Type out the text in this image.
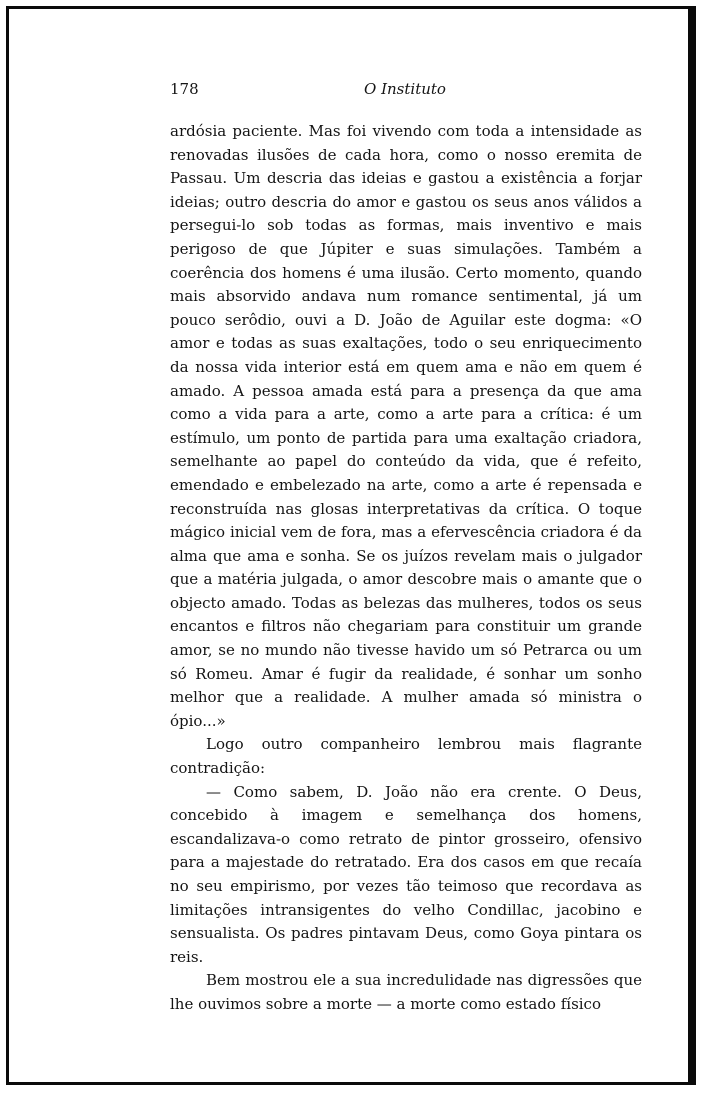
178	O Instituto

ardósia paciente. Mas foi vivendo com toda a intensidade as renovadas ilusões de cada hora, como o nosso eremita de Passau. Um descria das ideias e gastou a existência a forjar ideias; outro descria do amor e gastou os seus anos válidos a persegui-lo sob todas as formas, mais inventivo e mais perigoso de que Júpiter e suas simulações. Também a coerência dos homens é uma ilusão. Certo momento, quando mais absorvido andava num romance sentimental, já um pouco serôdio, ouvi a D. João de Aguilar este dogma: «O amor e todas as suas exaltações, todo o seu enriquecimento da nossa vida interior está em quem ama e não em quem é amado. A pessoa amada está para a presença da que ama como a vida para a arte, como a arte para a crítica: é um estímulo, um ponto de partida para uma exaltação criadora, semelhante ao papel do conteúdo da vida, que é refeito, emendado e embelezado na arte, como a arte é repensada e reconstruída nas glosas interpretativas da crítica. O toque mágico inicial vem de fora, mas a efervescência criadora é da alma que ama e sonha. Se os juízos revelam mais o julgador que a matéria julgada, o amor descobre mais o amante que o objecto amado. Todas as belezas das mulheres, todos os seus encantos e filtros não chegariam para constituir um grande amor, se no mundo não tivesse havido um só Petrarca ou um só Romeu. Amar é fugir da realidade, é sonhar um sonho melhor que a realidade. A mulher amada só ministra o ópio...»

Logo outro companheiro lembrou mais flagrante contradição:

— Como sabem, D. João não era crente. O Deus, concebido à imagem e semelhança dos homens, escandalizava-o como retrato de pintor grosseiro, ofensivo para a majestade do retratado. Era dos casos em que recaía no seu empirismo, por vezes tão teimoso que recordava as limitações intransigentes do velho Condillac, jacobino e sensualista. Os padres pintavam Deus, como Goya pintara os reis.

Bem mostrou ele a sua incredulidade nas digressões que lhe ouvimos sobre a morte — a morte como estado físico
